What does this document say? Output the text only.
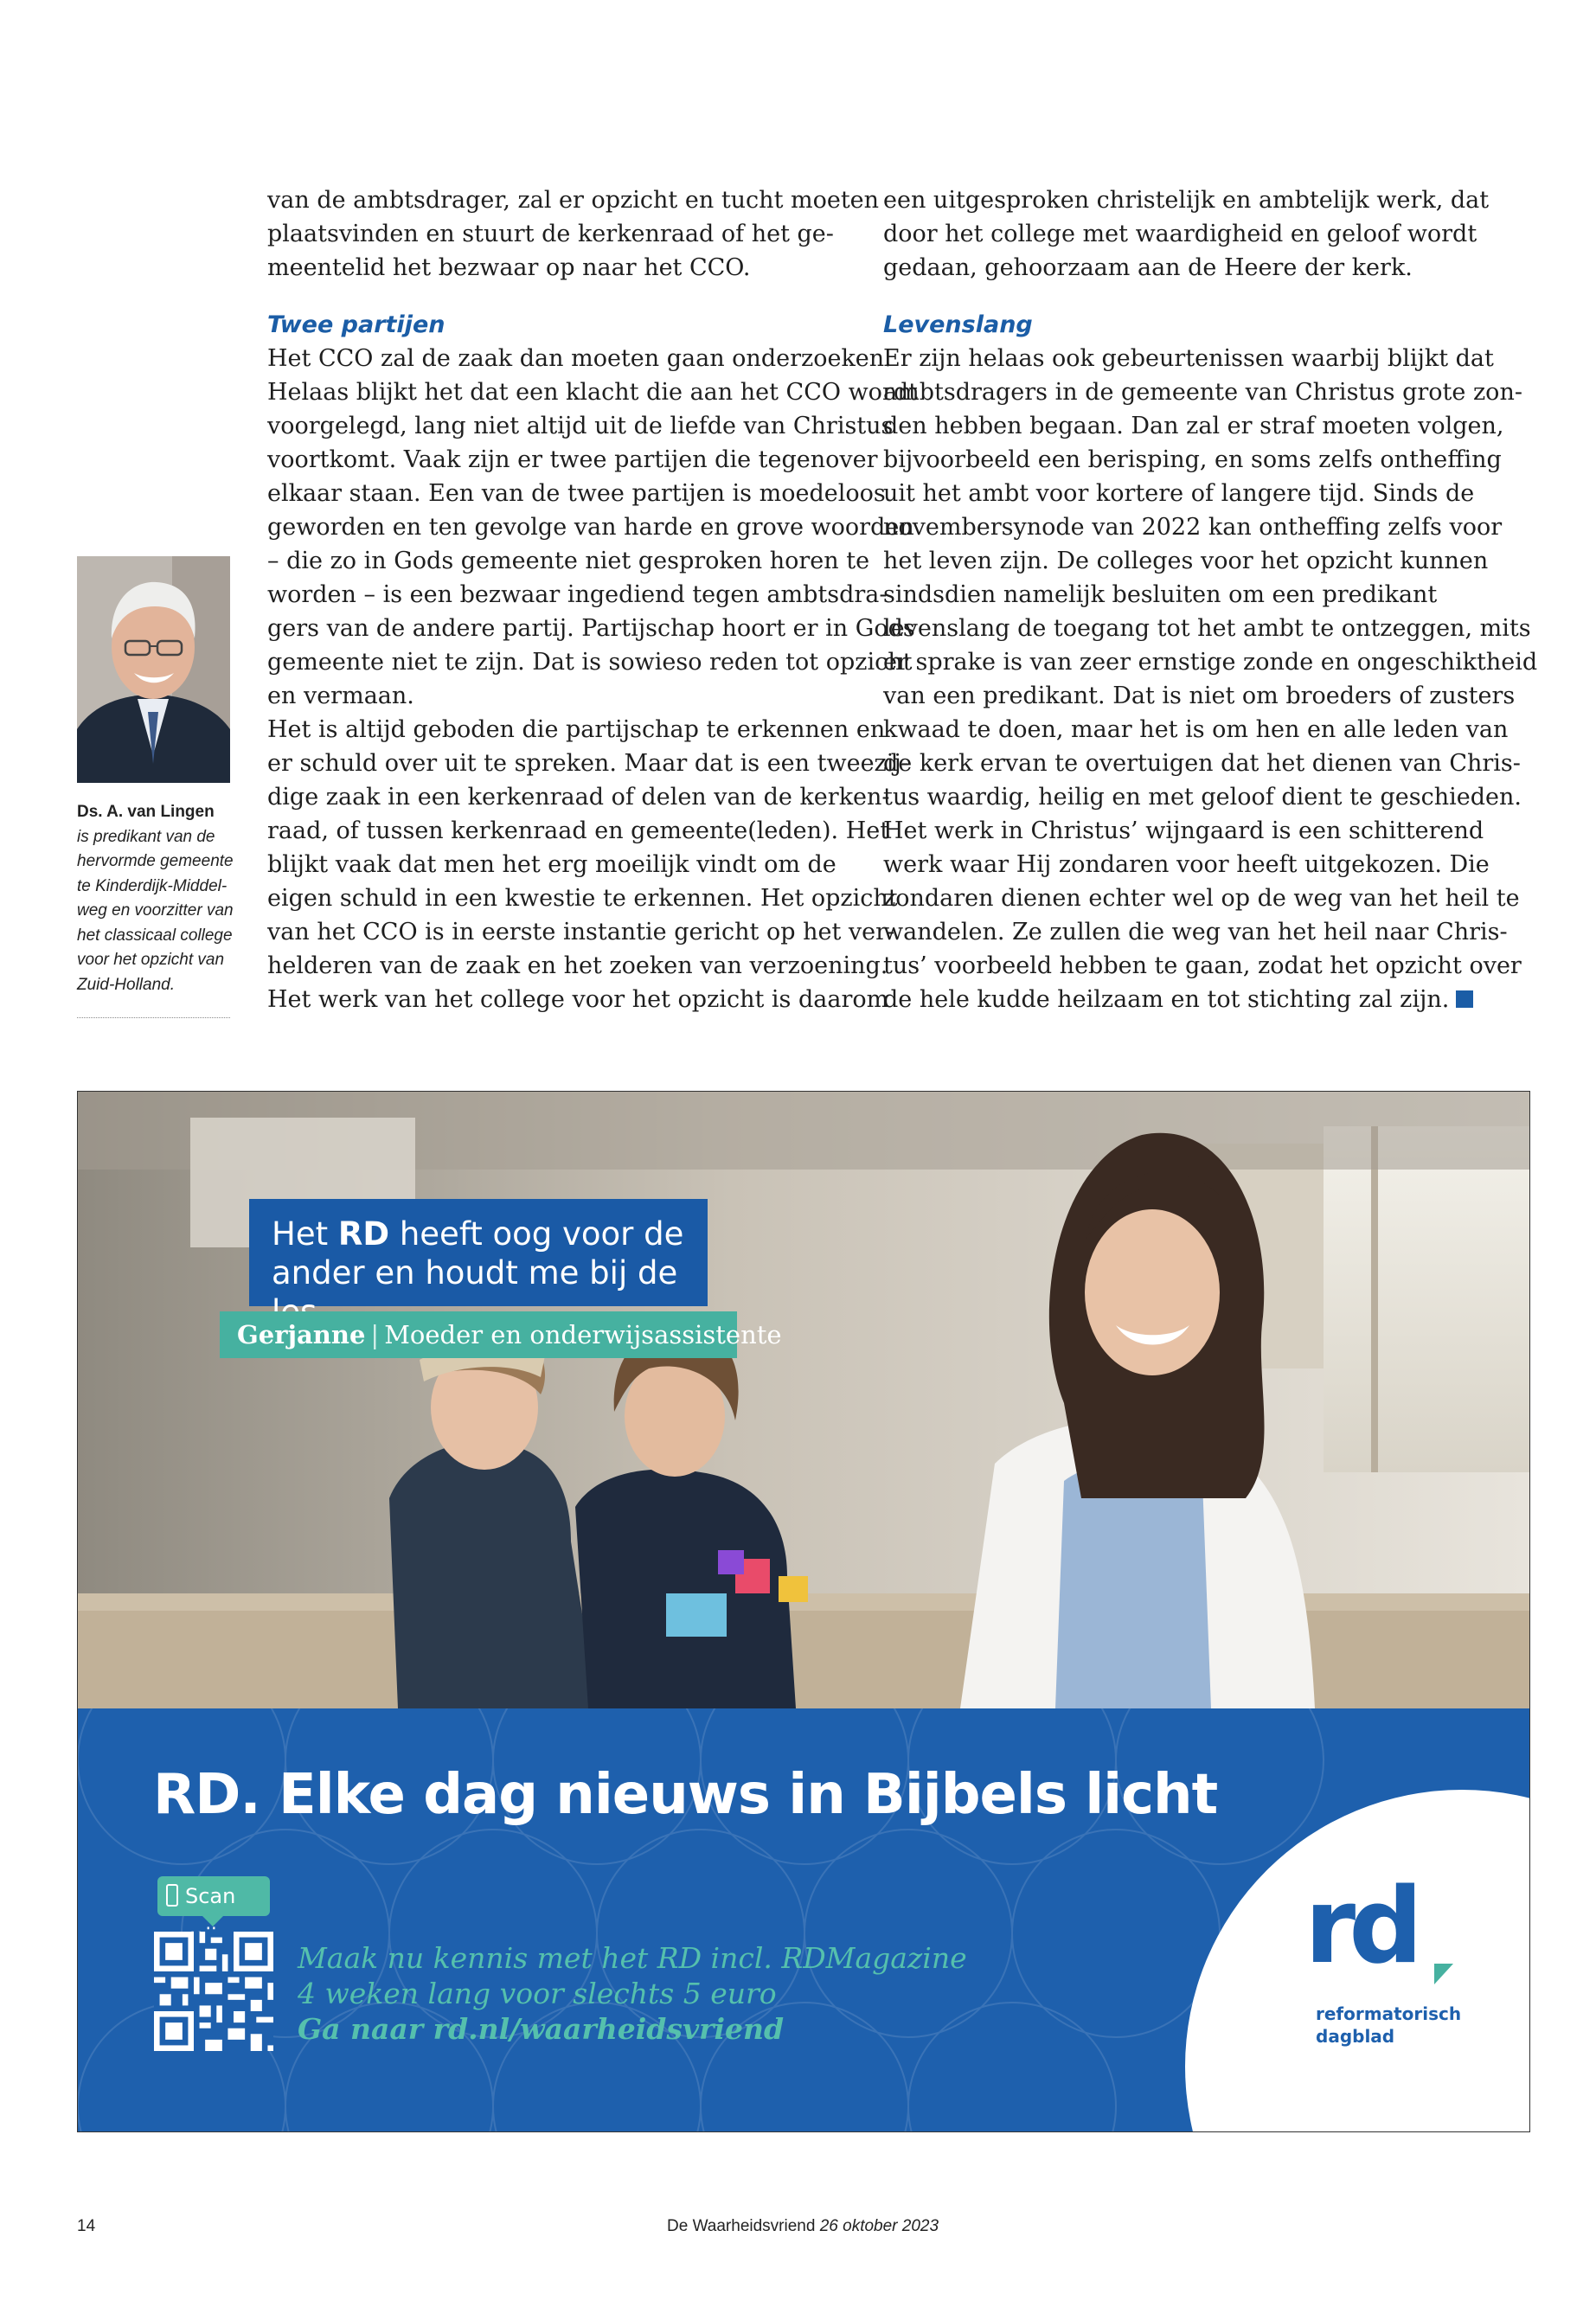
van de ambtsdrager, zal er opzicht en tucht moeten
plaatsvinden en stuurt de kerkenraad of het ge-
meentelid het bezwaar op naar het CCO.
Twee partijen
Het CCO zal de zaak dan moeten gaan onderzoeken.
Helaas blijkt het dat een klacht die aan het CCO wordt
voorgelegd, lang niet altijd uit de liefde van Christus
voortkomt. Vaak zijn er twee partijen die tegenover
elkaar staan. Een van de twee partijen is moedeloos
geworden en ten gevolge van harde en grove woorden
– die zo in Gods gemeente niet gesproken horen te
worden – is een bezwaar ingediend tegen ambtsdra-
gers van de andere partij. Partijschap hoort er in Gods
gemeente niet te zijn. Dat is sowieso reden tot opzicht
en vermaan.
Het is altijd geboden die partijschap te erkennen en
er schuld over uit te spreken. Maar dat is een tweezij-
dige zaak in een kerkenraad of delen van de kerken-
raad, of tussen kerkenraad en gemeente(leden). Het
blijkt vaak dat men het erg moeilijk vindt om de
eigen schuld in een kwestie te erkennen. Het opzicht
van het CCO is in eerste instantie gericht op het ver-
helderen van de zaak en het zoeken van verzoening.
Het werk van het college voor het opzicht is daarom
een uitgesproken christelijk en ambtelijk werk, dat
door het college met waardigheid en geloof wordt
gedaan, gehoorzaam aan de Heere der kerk.
Levenslang
Er zijn helaas ook gebeurtenissen waarbij blijkt dat
ambtsdragers in de gemeente van Christus grote zon-
den hebben begaan. Dan zal er straf moeten volgen,
bijvoorbeeld een berisping, en soms zelfs ontheffing
uit het ambt voor kortere of langere tijd. Sinds de
novembersynode van 2022 kan ontheffing zelfs voor
het leven zijn. De colleges voor het opzicht kunnen
sindsdien namelijk besluiten om een predikant
levenslang de toegang tot het ambt te ontzeggen, mits
er sprake is van zeer ernstige zonde en ongeschiktheid
van een predikant. Dat is niet om broeders of zusters
kwaad te doen, maar het is om hen en alle leden van
de kerk ervan te overtuigen dat het dienen van Chris-
tus waardig, heilig en met geloof dient te geschieden.
Het werk in Christus’ wijngaard is een schitterend
werk waar Hij zondaren voor heeft uitgekozen. Die
zondaren dienen echter wel op de weg van het heil te
wandelen. Ze zullen die weg van het heil naar Chris-
tus’ voorbeeld hebben te gaan, zodat het opzicht over
de hele kudde heilzaam en tot stichting zal zijn.
Ds. A. van Lingen
is predikant van de
hervormde gemeente
te Kinderdijk-Middel-
weg en voorzitter van
het classicaal college
voor het opzicht van
Zuid-Holland.
Het RD heeft oog voor de
ander en houdt me bij de
Gerjanne | Moeder en onderwijsassistente
RD. Elke dag nieuws in Bijbels licht
Scan
Maak nu kennis met het RD incl. RDMagazine
4 weken lang voor slechts 5 euro
Ga naar rd.nl/waarheidsvriend
rd
reformatorisch
dagblad
14	De Waarheidsvriend 26 oktober 2023
